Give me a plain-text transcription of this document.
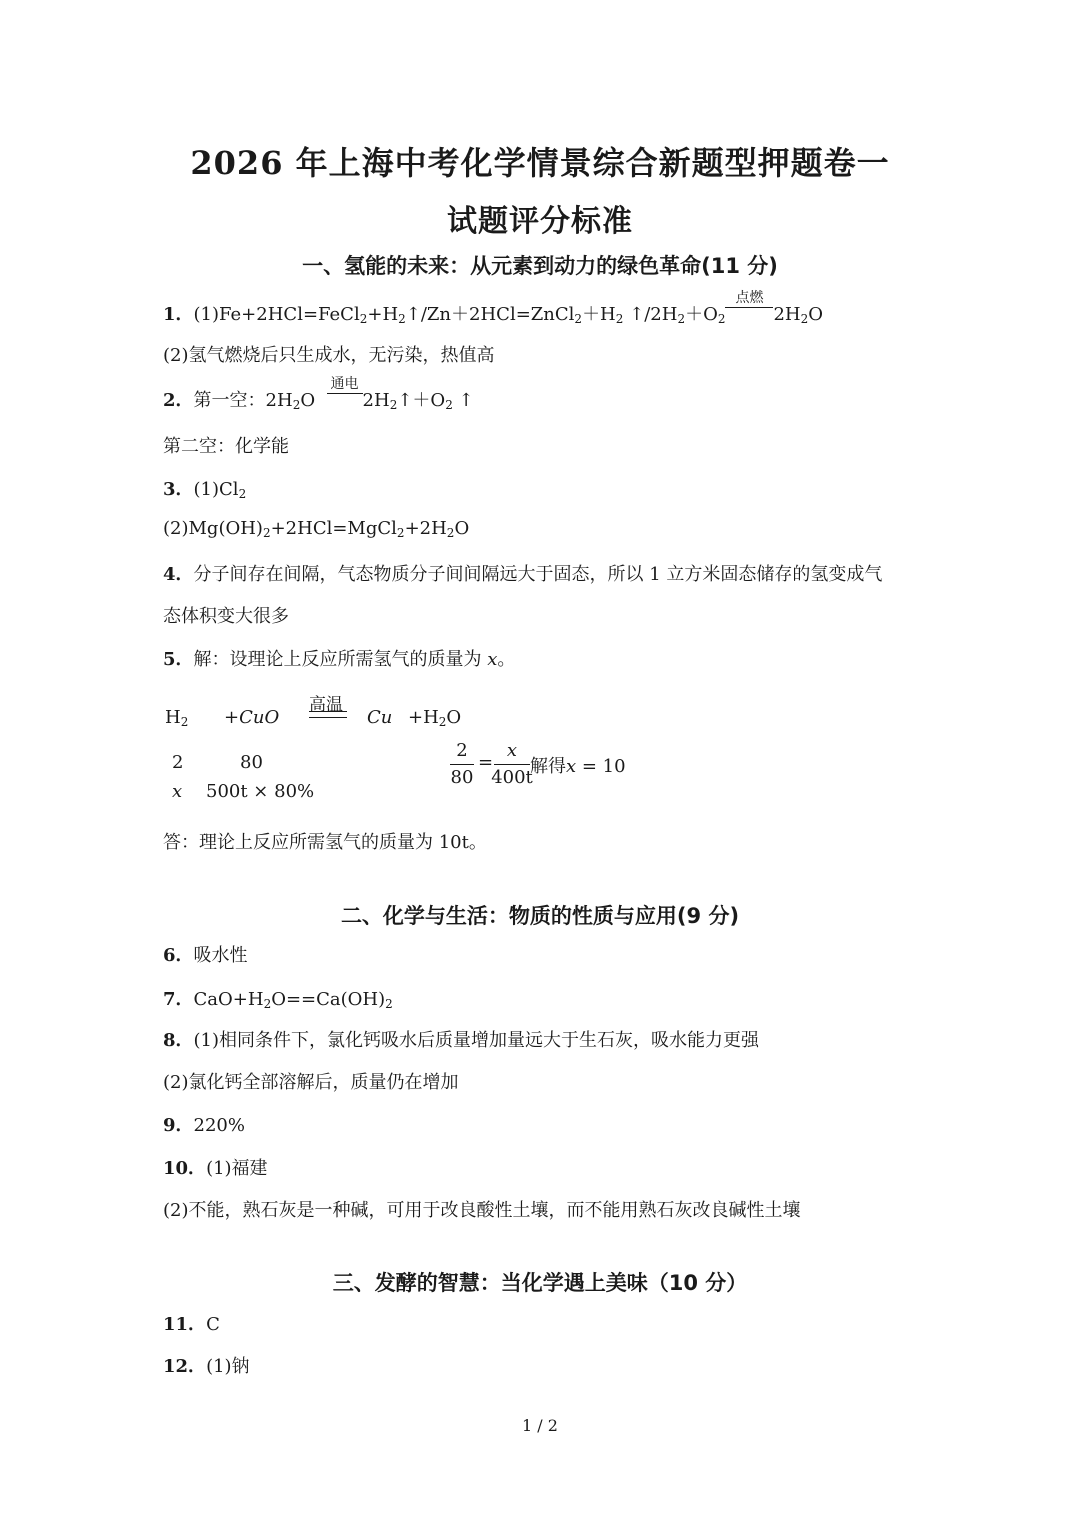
2026 年上海中考化学情景综合新题型押题卷一
试题评分标准
一、氢能的未来：从元素到动力的绿色革命(11 分)
1．$(1)Fe+2HCl=FeCl_2+H_2↑/Zn+2HCl=ZnCl_2+H_2$ $↑/2H_2+O_2$
点燃
$2H_2O$
(2)氢气燃烧后只生成水，无污染，热值高
2．第一空：$2H_2O$
通电
$2H_2↑+O_2$ ↑
第二空：化学能
3．$(1)Cl_2$
$(2)Mg(OH)_2+2HCl=MgCl_2+2H_2O$
4．分子间存在间隔，气态物质分子间间隔远大于固态，所以 1 立方米固态储存的氢变成气
态体积变大很多
5．解：设理论上反应所需氢气的质量为 x。
$H_2 +CuO$
高温
$Cu +H_2O$
2	80
x 500t × 80%
2
80
=
x
400t
解得x = 10
答：理论上反应所需氢气的质量为 10t。
二、化学与生活：物质的性质与应用(9 分)
6．吸水性
7．$CaO+H_2O==Ca(OH)_2$
8．(1)相同条件下，氯化钙吸水后质量增加量远大于生石灰，吸水能力更强
(2)氯化钙全部溶解后，质量仍在增加
9．220%
10．(1)福建
(2)不能，熟石灰是一种碱，可用于改良酸性土壤，而不能用熟石灰改良碱性土壤
三、发酵的智慧：当化学遇上美味（10 分）
11．C
12．(1)钠
1 / 2
